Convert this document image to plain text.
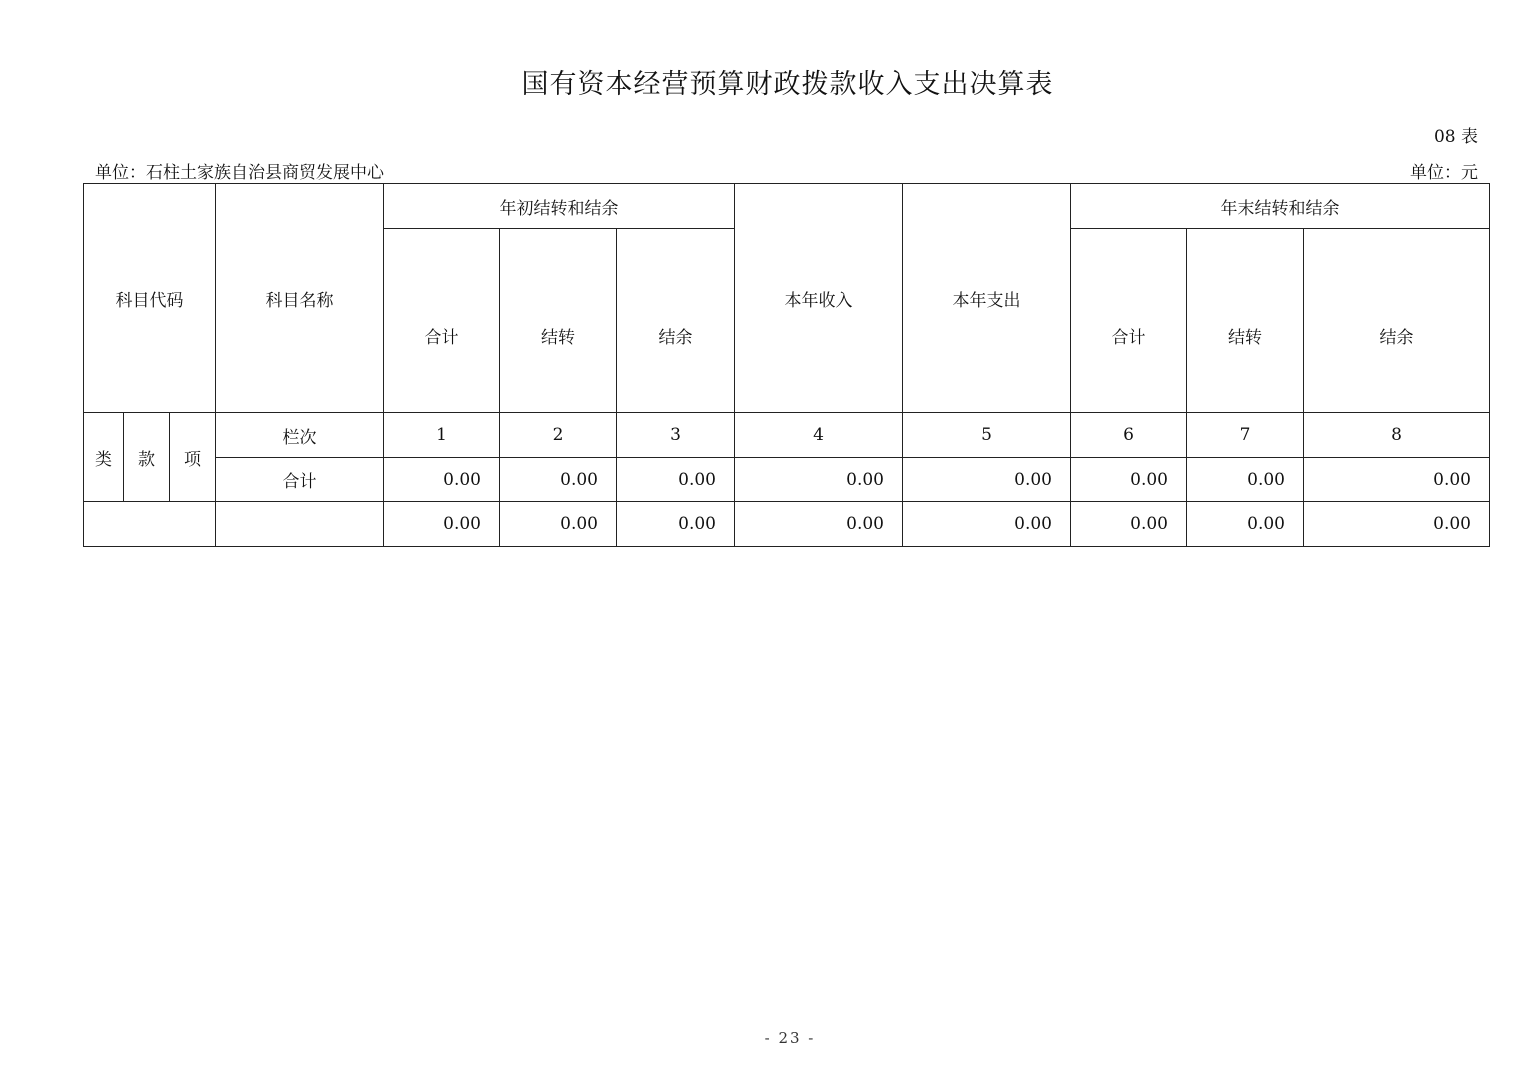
国有资本经营预算财政拨款收入支出决算表
08 表
单位：石柱土家族自治县商贸发展中心	单位：元
科目代码			科目名称	年初结转和结余			本年收入	本年支出	年末结转和结余		
				合计	结转	结余			合计	结转	结余
类	款	项	栏次	1	2	3	4	5	6	7	8
			合计	0.00	0.00	0.00	0.00	0.00	0.00	0.00	0.00
				0.00	0.00	0.00	0.00	0.00	0.00	0.00	0.00
- 23 -
